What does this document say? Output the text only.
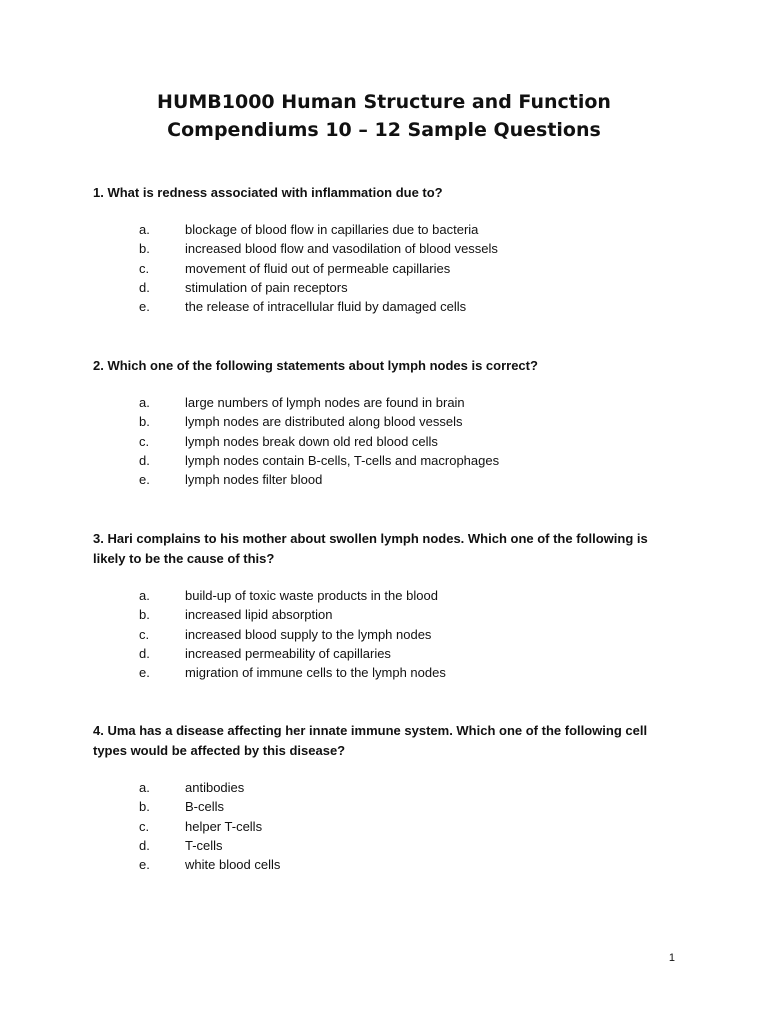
HUMB1000 Human Structure and Function
Compendiums 10 – 12 Sample Questions

1. What is redness associated with inflammation due to?

a.	blockage of blood flow in capillaries due to bacteria
b.	increased blood flow and vasodilation of blood vessels
c.	movement of fluid out of permeable capillaries
d.	stimulation of pain receptors
e.	the release of intracellular fluid by damaged cells

2. Which one of the following statements about lymph nodes is correct?

a.	large numbers of lymph nodes are found in brain
b.	lymph nodes are distributed along blood vessels
c.	lymph nodes break down old red blood cells
d.	lymph nodes contain B-cells, T-cells and macrophages
e.	lymph nodes filter blood

3. Hari complains to his mother about swollen lymph nodes. Which one of the following is likely to be the cause of this?

a.	build-up of toxic waste products in the blood
b.	increased lipid absorption
c.	increased blood supply to the lymph nodes
d.	increased permeability of capillaries
e.	migration of immune cells to the lymph nodes

4. Uma has a disease affecting her innate immune system. Which one of the following cell types would be affected by this disease?

a.	antibodies
b.	B-cells
c.	helper T-cells
d.	T-cells
e.	white blood cells
1
